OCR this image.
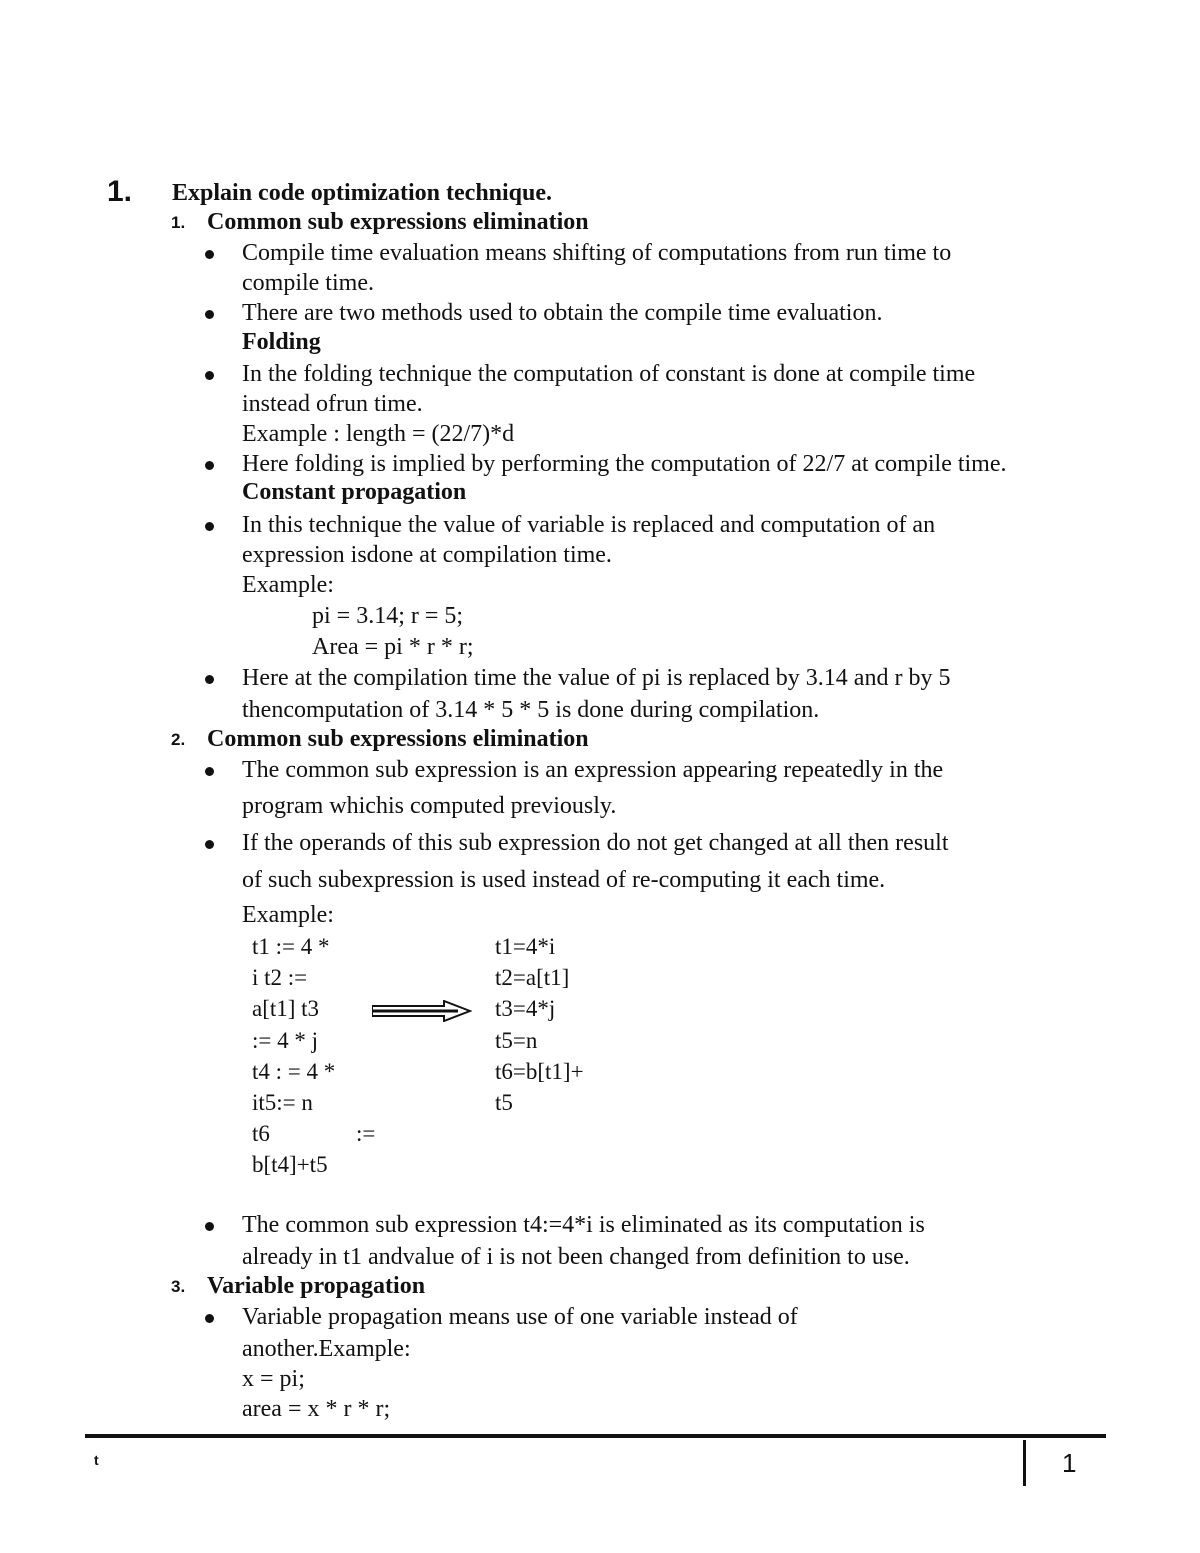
1. Explain code optimization technique.
1. Common sub expressions elimination
Compile time evaluation means shifting of computations from run time to
compile time.
There are two methods used to obtain the compile time evaluation.
Folding
In the folding technique the computation of constant is done at compile time
instead ofrun time.
Example : length = (22/7)*d
Here folding is implied by performing the computation of 22/7 at compile time.
Constant propagation
In this technique the value of variable is replaced and computation of an
expression isdone at compilation time.
Example:
pi = 3.14; r = 5;
Area = pi * r * r;
Here at the compilation time the value of pi is replaced by 3.14 and r by 5
thencomputation of 3.14 * 5 * 5 is done during compilation.
2. Common sub expressions elimination
The common sub expression is an expression appearing repeatedly in the
program whichis computed previously.
If the operands of this sub expression do not get changed at all then result
of such subexpression is used instead of re-computing it each time.
Example:
t1 := 4 *
i t2 :=
a[t1] t3
:= 4 * j
t4 : = 4 *
it5:= n
t6	:=
b[t4]+t5
t1=4*i
t2=a[t1]
t3=4*j
t5=n
t6=b[t1]+
t5
The common sub expression t4:=4*i is eliminated as its computation is
already in t1 andvalue of i is not been changed from definition to use.
3. Variable propagation
Variable propagation means use of one variable instead of
another.Example:
x = pi;
area = x * r * r;
t	1
